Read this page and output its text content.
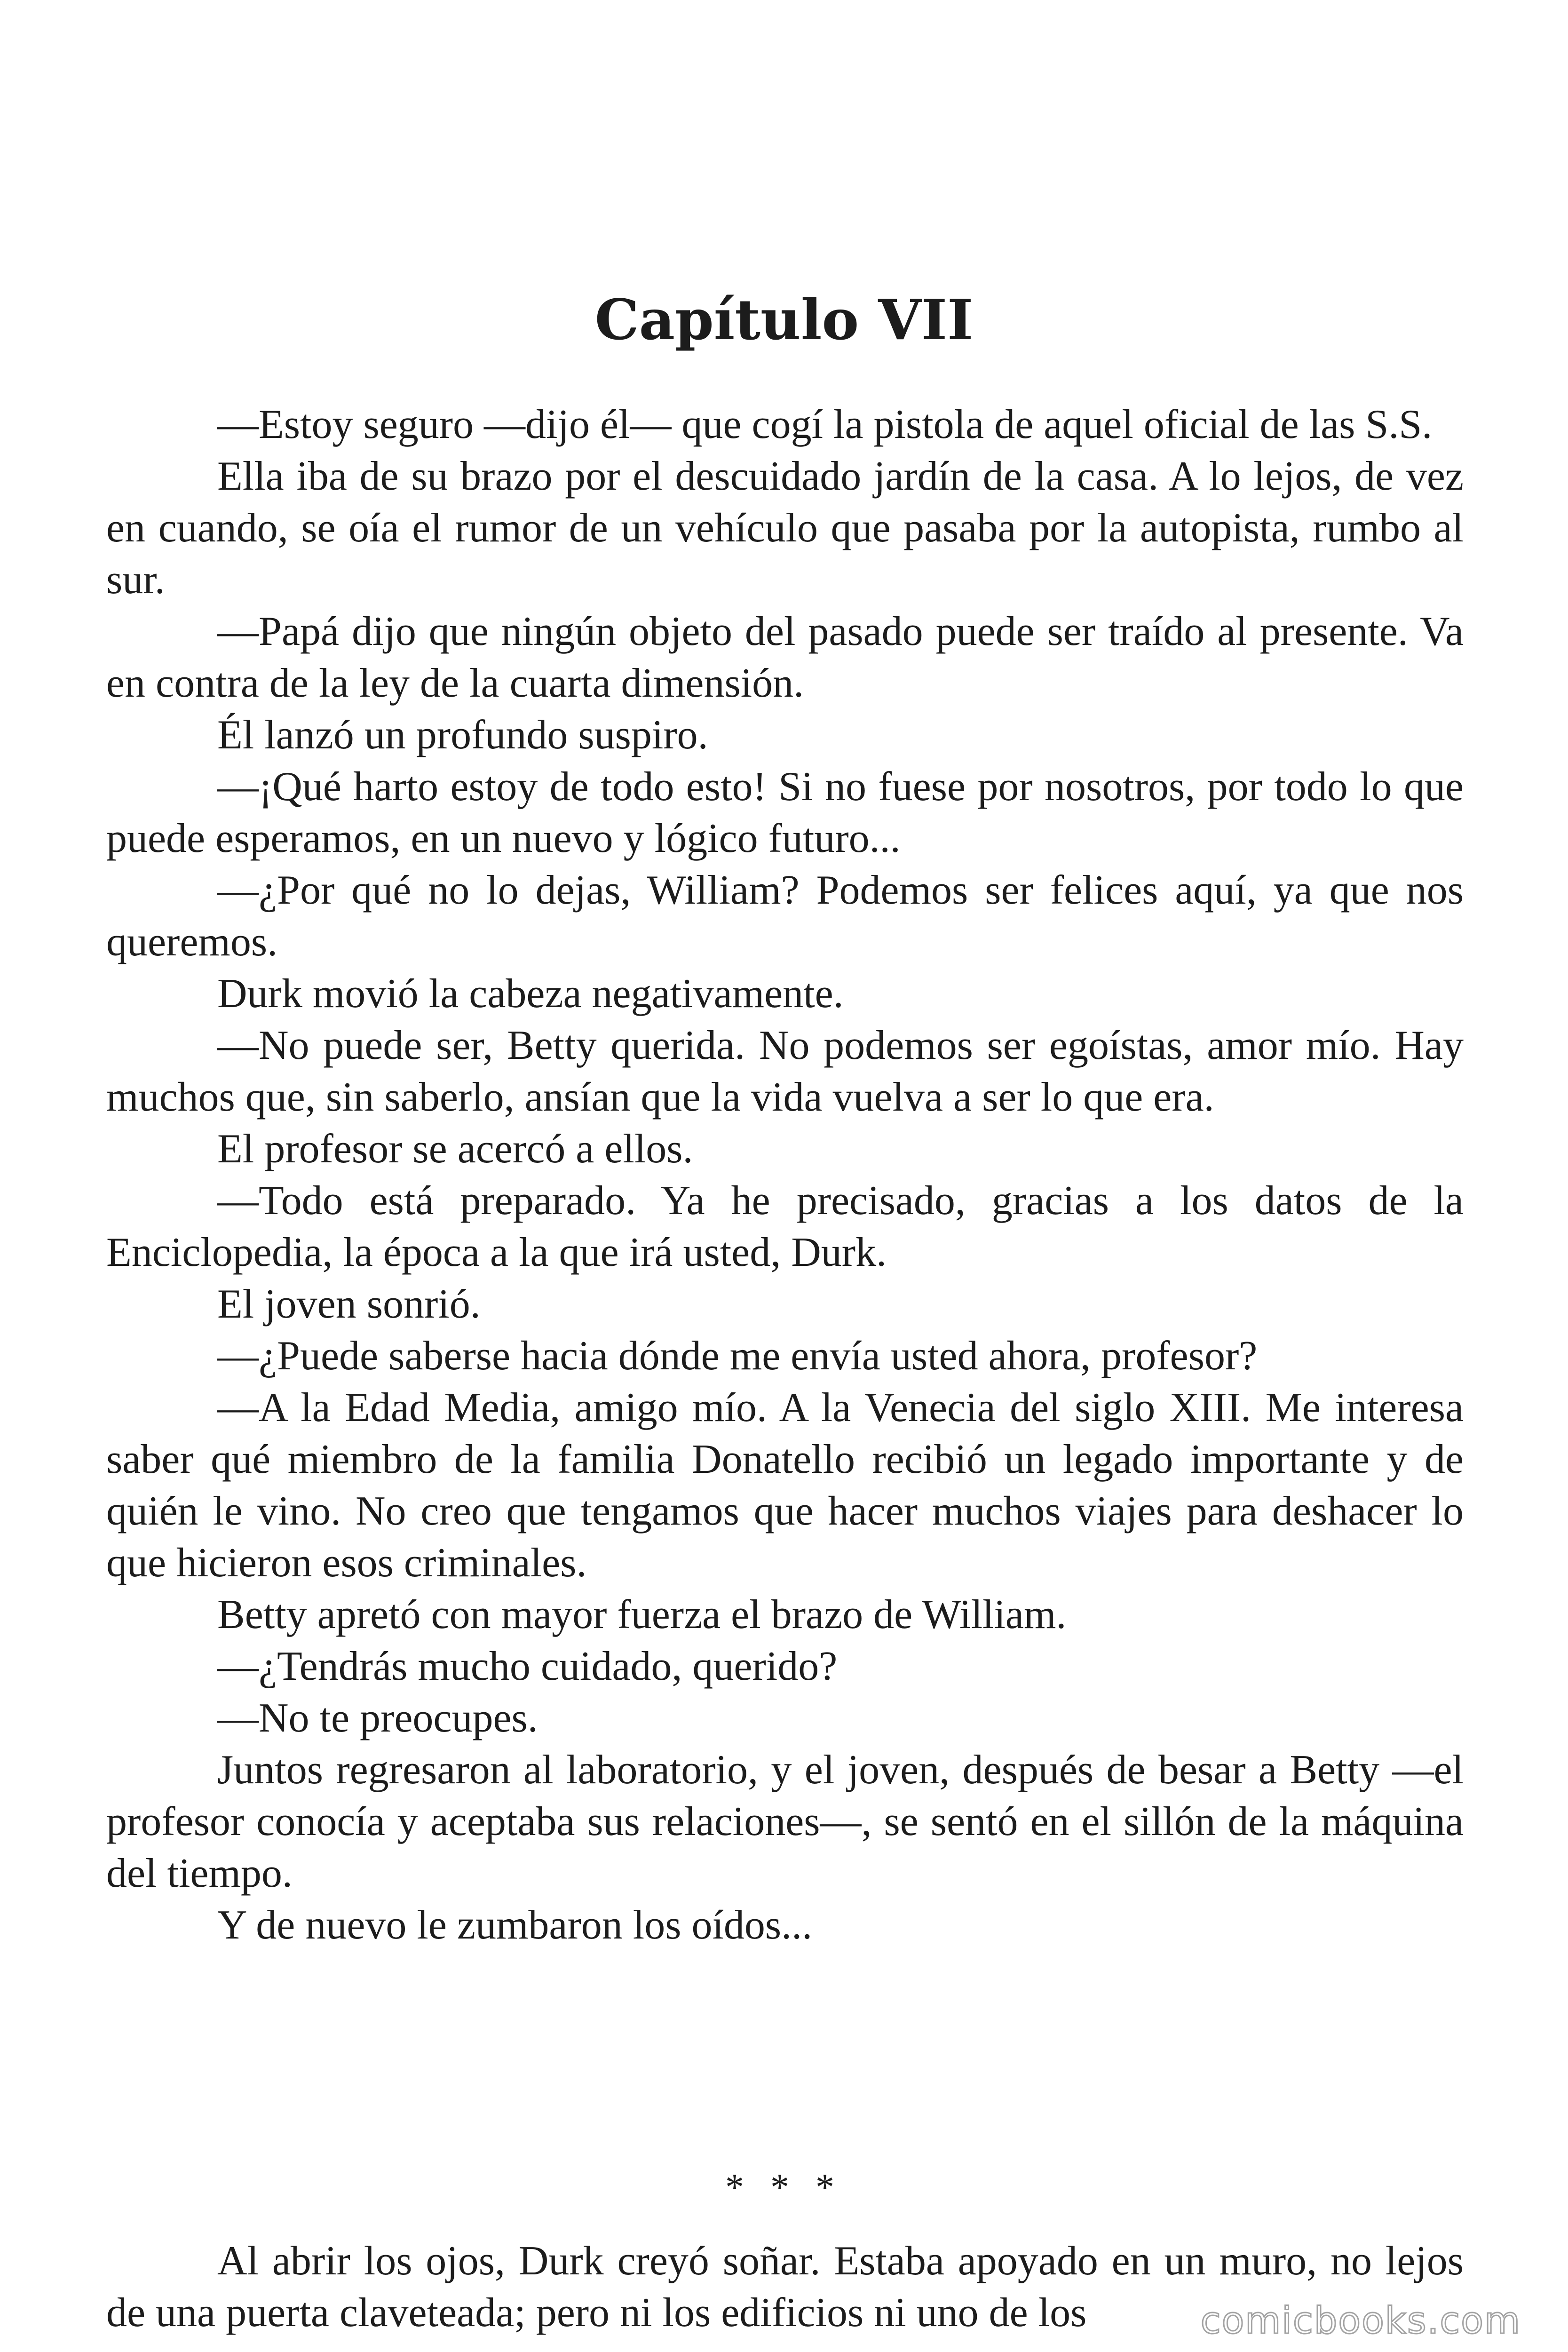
Capítulo VII

—Estoy seguro —dijo él— que cogí la pistola de aquel oficial de las S.S.

Ella iba de su brazo por el descuidado jardín de la casa. A lo lejos, de vez en cuando, se oía el rumor de un vehículo que pasaba por la autopista, rumbo al sur.

—Papá dijo que ningún objeto del pasado puede ser traído al presente. Va en contra de la ley de la cuarta dimensión.

Él lanzó un profundo suspiro.

—¡Qué harto estoy de todo esto! Si no fuese por nosotros, por todo lo que puede esperamos, en un nuevo y lógico futuro...

—¿Por qué no lo dejas, William? Podemos ser felices aquí, ya que nos queremos.

Durk movió la cabeza negativamente.

—No puede ser, Betty querida. No podemos ser egoístas, amor mío. Hay muchos que, sin saberlo, ansían que la vida vuelva a ser lo que era.

El profesor se acercó a ellos.

—Todo está preparado. Ya he precisado, gracias a los datos de la Enciclopedia, la época a la que irá usted, Durk.

El joven sonrió.

—¿Puede saberse hacia dónde me envía usted ahora, profesor?

—A la Edad Media, amigo mío. A la Venecia del siglo XIII. Me interesa saber qué miembro de la familia Donatello recibió un legado importante y de quién le vino. No creo que tengamos que hacer muchos viajes para deshacer lo que hicieron esos criminales.

Betty apretó con mayor fuerza el brazo de William.

—¿Tendrás mucho cuidado, querido?

—No te preocupes.

Juntos regresaron al laboratorio, y el joven, después de besar a Betty —el profesor conocía y aceptaba sus relaciones—, se sentó en el sillón de la máquina del tiempo.

Y de nuevo le zumbaron los oídos...

* * *

Al abrir los ojos, Durk creyó soñar. Estaba apoyado en un muro, no lejos de una puerta claveteada; pero ni los edificios ni uno de los	comicbooks.com
